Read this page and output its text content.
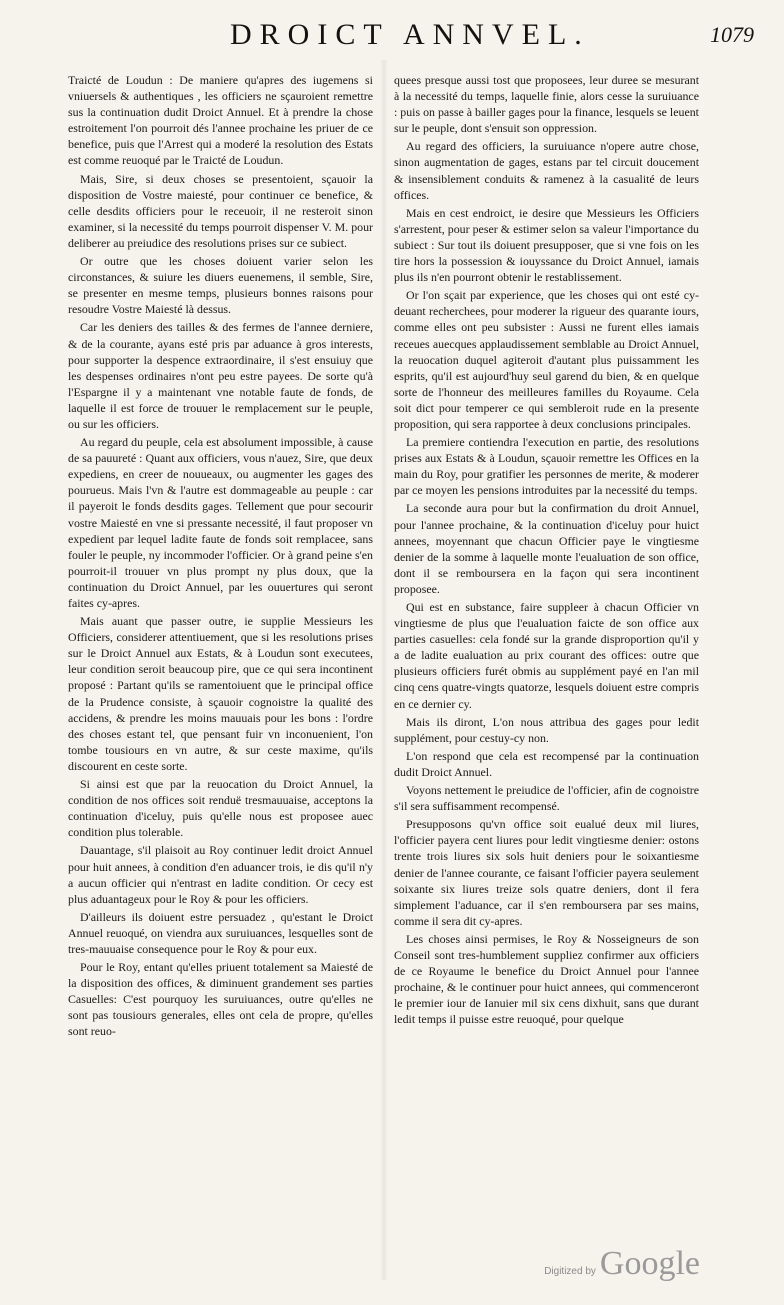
DROICT ANNVEL.	1079

Traicté de Loudun : De maniere qu'apres des iugemens si vniuersels & authentiques , les officiers ne sçauroient remettre sus la continuation dudit Droict Annuel. Et à prendre la chose estroitement l'on pourroit dés l'annee prochaine les priuer de ce benefice, puis que l'Arrest qui a moderé la resolution des Estats est comme reuoqué par le Traicté de Loudun.

Mais, Sire, si deux choses se presentoient, sçauoir la disposition de Vostre maiesté, pour continuer ce benefice, & celle desdits officiers pour le receuoir, il ne resteroit sinon examiner, si la necessité du temps pourroit dispenser V. M. pour deliberer au preiudice des resolutions prises sur ce subiect.

Or outre que les choses doiuent varier selon les circonstances, & suiure les diuers euenemens, il semble, Sire, se presenter en mesme temps, plusieurs bonnes raisons pour resoudre Vostre Maiesté là dessus.

Car les deniers des tailles & des fermes de l'annee derniere, & de la courante, ayans esté pris par aduance à gros interests, pour supporter la despence extraordinaire, il s'est ensuiuy que les despenses ordinaires n'ont peu estre payees. De sorte qu'à l'Espargne il y a maintenant vne notable faute de fonds, de laquelle il est force de trouuer le remplacement sur le peuple, ou sur les officiers.

Au regard du peuple, cela est absolument impossible, à cause de sa pauureté : Quant aux officiers, vous n'auez, Sire, que deux expediens, en creer de nouueaux, ou augmenter les gages des pourueus. Mais l'vn & l'autre est dommageable au peuple : car il payeroit le fonds desdits gages. Tellement que pour secourir vostre Maiesté en vne si pressante necessité, il faut proposer vn expedient par lequel ladite faute de fonds soit remplacee, sans fouler le peuple, ny incommoder l'officier. Or à grand peine s'en pourroit-il trouuer vn plus prompt ny plus doux, que la continuation du Droict Annuel, par les ouuertures qui seront faites cy-apres.

Mais auant que passer outre, ie supplie Messieurs les Officiers, considerer attentiuement, que si les resolutions prises sur le Droict Annuel aux Estats, & à Loudun sont executees, leur condition seroit beaucoup pire, que ce qui sera incontinent proposé : Partant qu'ils se ramentoiuent que le principal office de la Prudence consiste, à sçauoir cognoistre la qualité des accidens, & prendre les moins mauuais pour les bons : l'ordre des choses estant tel, que pensant fuir vn inconuenient, l'on tombe tousiours en vn autre, & sur ceste maxime, qu'ils discourent en ceste sorte.

Si ainsi est que par la reuocation du Droict Annuel, la condition de nos offices soit renduë tresmauuaise, acceptons la continuation d'iceluy, puis qu'elle nous est proposee auec condition plus tolerable.

Dauantage, s'il plaisoit au Roy continuer ledit droict Annuel pour huit annees, à condition d'en aduancer trois, ie dis qu'il n'y a aucun officier qui n'entrast en ladite condition. Or cecy est plus aduantageux pour le Roy & pour les officiers.

D'ailleurs ils doiuent estre persuadez , qu'estant le Droict Annuel reuoqué, on viendra aux suruiuances, lesquelles sont de tres-mauuaise consequence pour le Roy & pour eux.

Pour le Roy, entant qu'elles priuent totalement sa Maiesté de la disposition des offices, & diminuent grandement ses parties Casuelles: C'est pourquoy les suruiuances, outre qu'elles ne sont pas tousiours generales, elles ont cela de propre, qu'elles sont reuo-

quees presque aussi tost que proposees, leur duree se mesurant à la necessité du temps, laquelle finie, alors cesse la suruiuance : puis on passe à bailler gages pour la finance, lesquels se leuent sur le peuple, dont s'ensuit son oppression.

Au regard des officiers, la suruiuance n'opere autre chose, sinon augmentation de gages, estans par tel circuit doucement & insensiblement conduits & ramenez à la casualité de leurs offices.

Mais en cest endroict, ie desire que Messieurs les Officiers s'arrestent, pour peser & estimer selon sa valeur l'importance du subiect : Sur tout ils doiuent presupposer, que si vne fois on les tire hors la possession & iouyssance du Droict Annuel, iamais plus ils n'en pourront obtenir le restablissement.

Or l'on sçait par experience, que les choses qui ont esté cy-deuant recherchees, pour moderer la rigueur des quarante iours, comme elles ont peu subsister : Aussi ne furent elles iamais receues auecques applaudissement semblable au Droict Annuel, la reuocation duquel agiteroit d'autant plus puissamment les esprits, qu'il est aujourd'huy seul garend du bien, & en quelque sorte de l'honneur des meilleures familles du Royaume. Cela soit dict pour temperer ce qui sembleroit rude en la presente proposition, qui sera rapportee à deux conclusions principales.

La premiere contiendra l'execution en partie, des resolutions prises aux Estats & à Loudun, sçauoir remettre les Offices en la main du Roy, pour gratifier les personnes de merite, & moderer par ce moyen les pensions introduites par la necessité du temps.

La seconde aura pour but la confirmation du droit Annuel, pour l'annee prochaine, & la continuation d'iceluy pour huict annees, moyennant que chacun Officier paye le vingtiesme denier de la somme à laquelle monte l'eualuation de son office, dont il se remboursera en la façon qui sera incontinent proposee.

Qui est en substance, faire suppleer à chacun Officier vn vingtiesme de plus que l'eualuation faicte de son office aux parties casuelles: cela fondé sur la grande disproportion qu'il y a de ladite eualuation au prix courant des offices: outre que plusieurs officiers furét obmis au supplément payé en l'an mil cinq cens quatre-vingts quatorze, lesquels doiuent estre compris en ce dernier cy.

Mais ils diront, L'on nous attribua des gages pour ledit supplément, pour cestuy-cy non.

L'on respond que cela est recompensé par la continuation dudit Droict Annuel.

Voyons nettement le preiudice de l'officier, afin de cognoistre s'il sera suffisamment recompensé.

Presupposons qu'vn office soit eualué deux mil liures, l'officier payera cent liures pour ledit vingtiesme denier: ostons trente trois liures six sols huit deniers pour le soixantiesme denier de l'annee courante, ce faisant l'officier payera seulement soixante six liures treize sols quatre deniers, dont il fera simplement l'aduance, car il s'en remboursera par ses mains, comme il sera dit cy-apres.

Les choses ainsi permises, le Roy & Nosseigneurs de son Conseil sont tres-humblement suppliez confirmer aux officiers de ce Royaume le benefice du Droict Annuel pour l'annee prochaine, & le continuer pour huict annees, qui commenceront le premier iour de Ianuier mil six cens dixhuit, sans que durant ledit temps il puisse estre reuoqué, pour quelque

Digitized by Google
